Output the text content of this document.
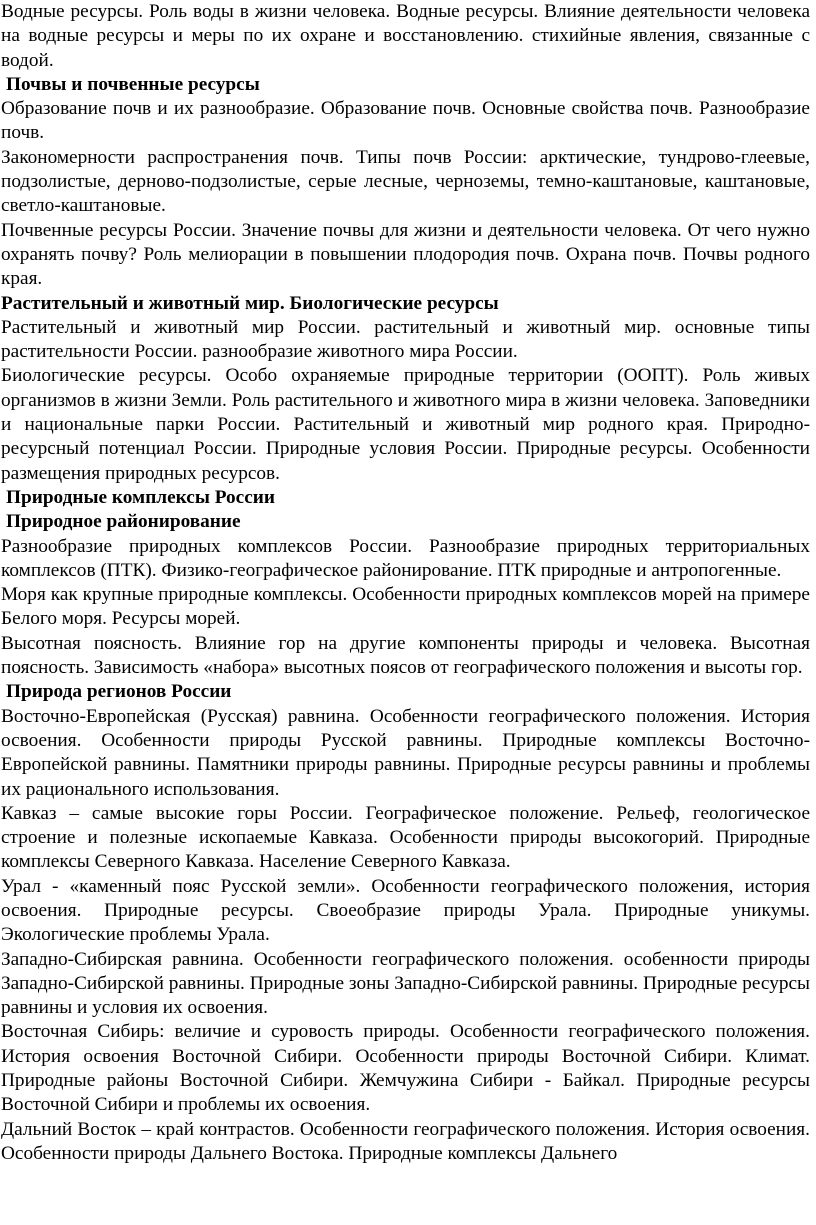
Водные ресурсы. Роль воды в жизни человека. Водные ресурсы. Влияние деятельности человека на водные ресурсы и меры по их охране и восстановлению. стихийные явления, связанные с водой.

Почвы и почвенные ресурсы

Образование почв и их разнообразие. Образование почв. Основные свойства почв. Разнообразие почв.

Закономерности распространения почв. Типы почв России: арктические, тундрово-глеевые, подзолистые, дерново-подзолистые, серые лесные, черноземы, темно-каштановые, каштановые, светло-каштановые.

Почвенные ресурсы России. Значение почвы для жизни и деятельности человека. От чего нужно охранять почву? Роль мелиорации в повышении плодородия почв. Охрана почв. Почвы родного края.

Растительный и животный мир. Биологические ресурсы

Растительный и животный мир России. растительный и животный мир. основные типы растительности России. разнообразие животного мира России.

Биологические ресурсы. Особо охраняемые природные территории (ООПТ). Роль живых организмов в жизни Земли. Роль растительного и животного мира в жизни человека. Заповедники и национальные парки России. Растительный и животный мир родного края. Природно-ресурсный потенциал России. Природные условия России. Природные ресурсы. Особенности размещения природных ресурсов.

Природные комплексы России

Природное районирование

Разнообразие природных комплексов России. Разнообразие природных территориальных комплексов (ПТК). Физико-географическое районирование. ПТК природные и антропогенные.

Моря как крупные природные комплексы. Особенности природных комплексов морей на примере Белого моря. Ресурсы морей.

Высотная поясность. Влияние гор на другие компоненты природы и человека. Высотная поясность. Зависимость «набора» высотных поясов от географического положения и высоты гор.

Природа регионов России

Восточно-Европейская (Русская) равнина. Особенности географического положения. История освоения. Особенности природы Русской равнины. Природные комплексы Восточно-Европейской равнины. Памятники природы равнины. Природные ресурсы равнины и проблемы их рационального использования.

Кавказ – самые высокие горы России. Географическое положение. Рельеф, геологическое строение и полезные ископаемые Кавказа. Особенности природы высокогорий. Природные комплексы Северного Кавказа. Население Северного Кавказа.

Урал - «каменный пояс Русской земли». Особенности географического положения, история освоения. Природные ресурсы. Своеобразие природы Урала. Природные уникумы. Экологические проблемы Урала.

Западно-Сибирская равнина. Особенности географического положения. особенности природы Западно-Сибирской равнины. Природные зоны Западно-Сибирской равнины. Природные ресурсы равнины и условия их освоения.

Восточная Сибирь: величие и суровость природы. Особенности географического положения. История освоения Восточной Сибири. Особенности природы Восточной Сибири. Климат. Природные районы Восточной Сибири. Жемчужина Сибири - Байкал. Природные ресурсы Восточной Сибири и проблемы их освоения.

Дальний Восток – край контрастов. Особенности географического положения. История освоения. Особенности природы Дальнего Востока. Природные комплексы Дальнего
